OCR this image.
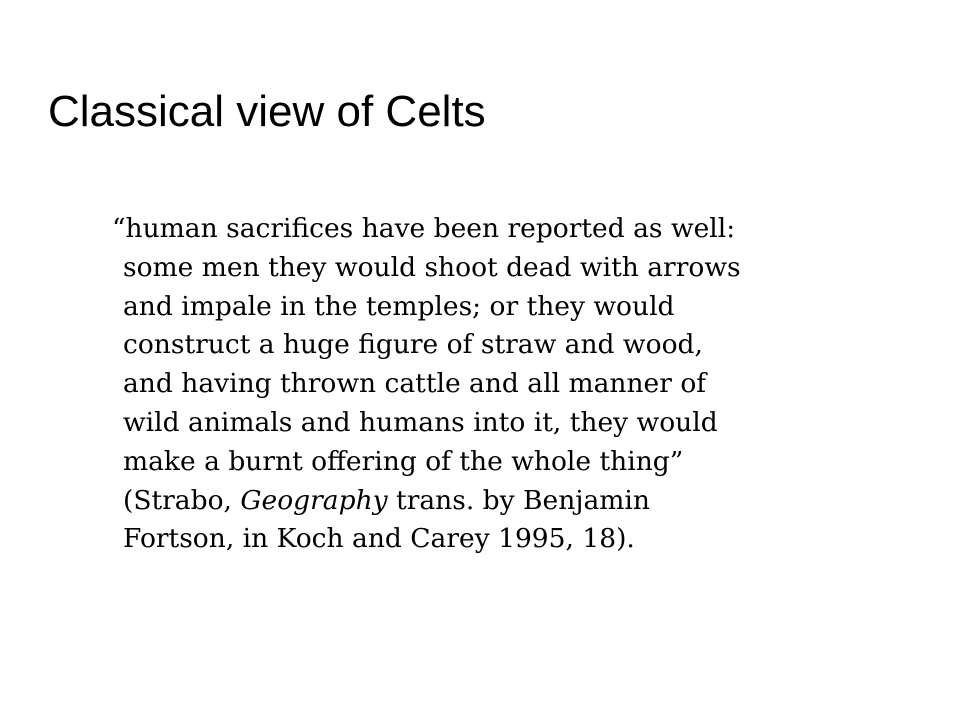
Classical view of Celts
“human sacrifices have been reported as well:
some men they would shoot dead with arrows
and impale in the temples; or they would
construct a huge figure of straw and wood,
and having thrown cattle and all manner of
wild animals and humans into it, they would
make a burnt offering of the whole thing”
(Strabo, Geography trans. by Benjamin
Fortson, in Koch and Carey 1995, 18).
